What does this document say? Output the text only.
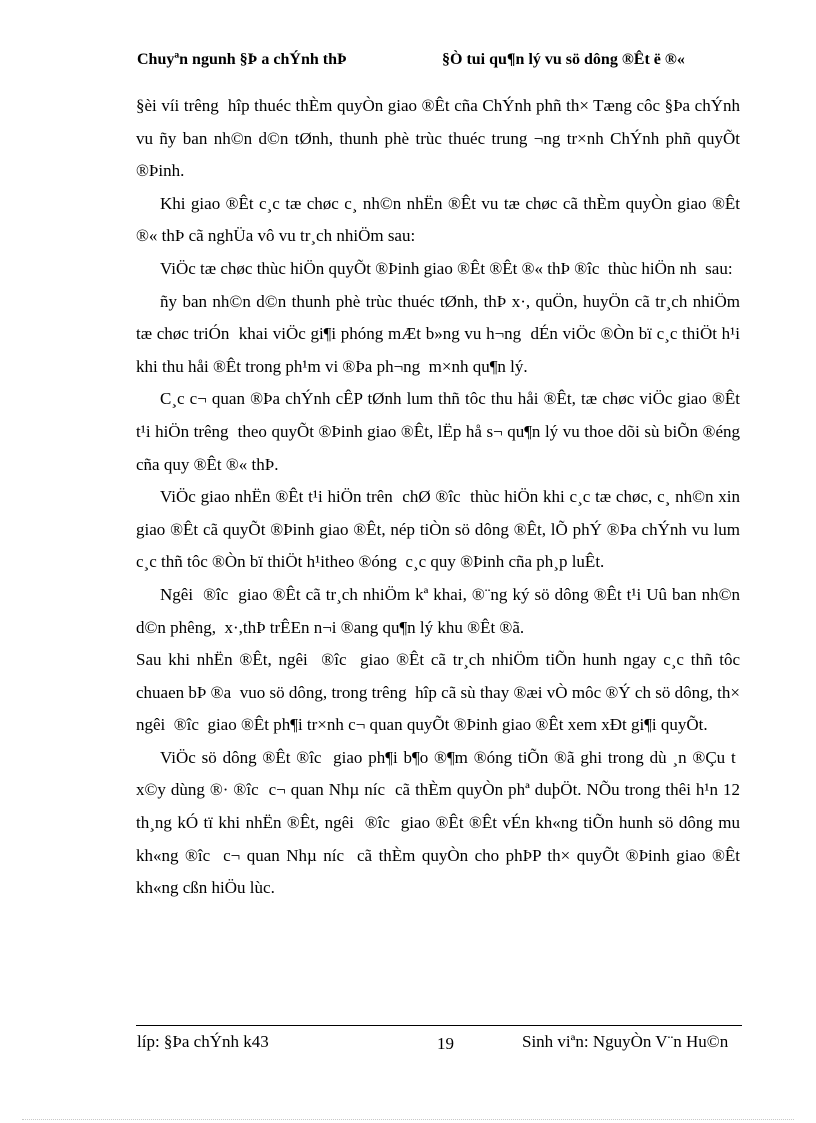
Chuyªn ngunh §Þ a chÝnh thÞ	§Ò tui qu¶n lý vu sö dông ®Êt ë ®«

§èi víi trêng  hîp thuéc thÈm quyÒn giao ®Êt cña ChÝnh phñ th× Tæng côc §Þa chÝnh vu ñy ban nh©n d©n tØnh, thunh phè trùc thuéc trung ¬ng tr×nh ChÝnh phñ quyÕt ®Þinh.

Khi giao ®Êt c¸c tæ chøc c¸ nh©n nhËn ®Êt vu tæ chøc cã thÈm quyÒn giao ®Êt ®« thÞ cã nghÜa vô vu tr¸ch nhiÖm sau:

ViÖc tæ chøc thùc hiÖn quyÕt ®Þinh giao ®Êt ®Êt ®« thÞ ®îc  thùc hiÖn nh  sau:

ñy ban nh©n d©n thunh phè trùc thuéc tØnh, thÞ x·, quÖn, huyÖn cã tr¸ch nhiÖm tæ chøc triÓn  khai viÖc gi¶i phóng mÆt b»ng vu h¬ng  dÉn viÖc ®Òn bï c¸c thiÖt h¹i khi thu håi ®Êt trong ph¹m vi ®Þa ph¬ng  m×nh qu¶n lý.

C¸c c¬ quan ®Þa chÝnh cÊP tØnh lum thñ tôc thu håi ®Êt, tæ chøc viÖc giao ®Êt t¹i hiÖn trêng  theo quyÕt ®Þinh giao ®Êt, lËp hå s¬ qu¶n lý vu thoe dõi sù biÕn ®éng cña quy ®Êt ®« thÞ.

ViÖc giao nhËn ®Êt t¹i hiÖn trên  chØ ®îc  thùc hiÖn khi c¸c tæ chøc, c¸ nh©n xin giao ®Êt cã quyÕt ®Þinh giao ®Êt, nép tiÒn sö dông ®Êt, lÕ phÝ ®Þa chÝnh vu lum c¸c thñ tôc ®Òn bï thiÖt h¹itheo ®óng  c¸c quy ®Þinh cña ph¸p luÊt.

Ngêi  ®îc  giao ®Êt cã tr¸ch nhiÖm kª khai, ®¨ng ký sö dông ®Êt t¹i Uû ban nh©n d©n phêng,  x·,thÞ trÊEn n¬i ®ang qu¶n lý khu ®Êt ®ã.

Sau khi nhËn ®Êt, ngêi  ®îc  giao ®Êt cã tr¸ch nhiÖm tiÕn hunh ngay c¸c thñ tôc chuaen bÞ ®a  vuo sö dông, trong trêng  hîp cã sù thay ®æi vÒ môc ®Ý ch sö dông, th× ngêi  ®îc  giao ®Êt ph¶i tr×nh c¬ quan quyÕt ®Þinh giao ®Êt xem xÐt gi¶i quyÕt.

ViÖc sö dông ®Êt ®îc  giao ph¶i b¶o ®¶m ®óng tiÕn ®ã ghi trong dù ¸n ®Çu t  x©y dùng ®· ®îc  c¬ quan Nhµ níc  cã thÈm quyÒn phª duþÖt. NÕu trong thêi h¹n 12 th¸ng kÓ tï khi nhËn ®Êt, ngêi  ®îc  giao ®Êt ®Êt vÉn kh«ng tiÕn hunh sö dông mu kh«ng ®îc  c¬ quan Nhµ níc  cã thÈm quyÒn cho phÞP th× quyÕt ®Þinh giao ®Êt kh«ng cßn hiÖu lùc.

líp: §Þa chÝnh k43	19	Sinh viªn: NguyÒn V¨n Hu©n
